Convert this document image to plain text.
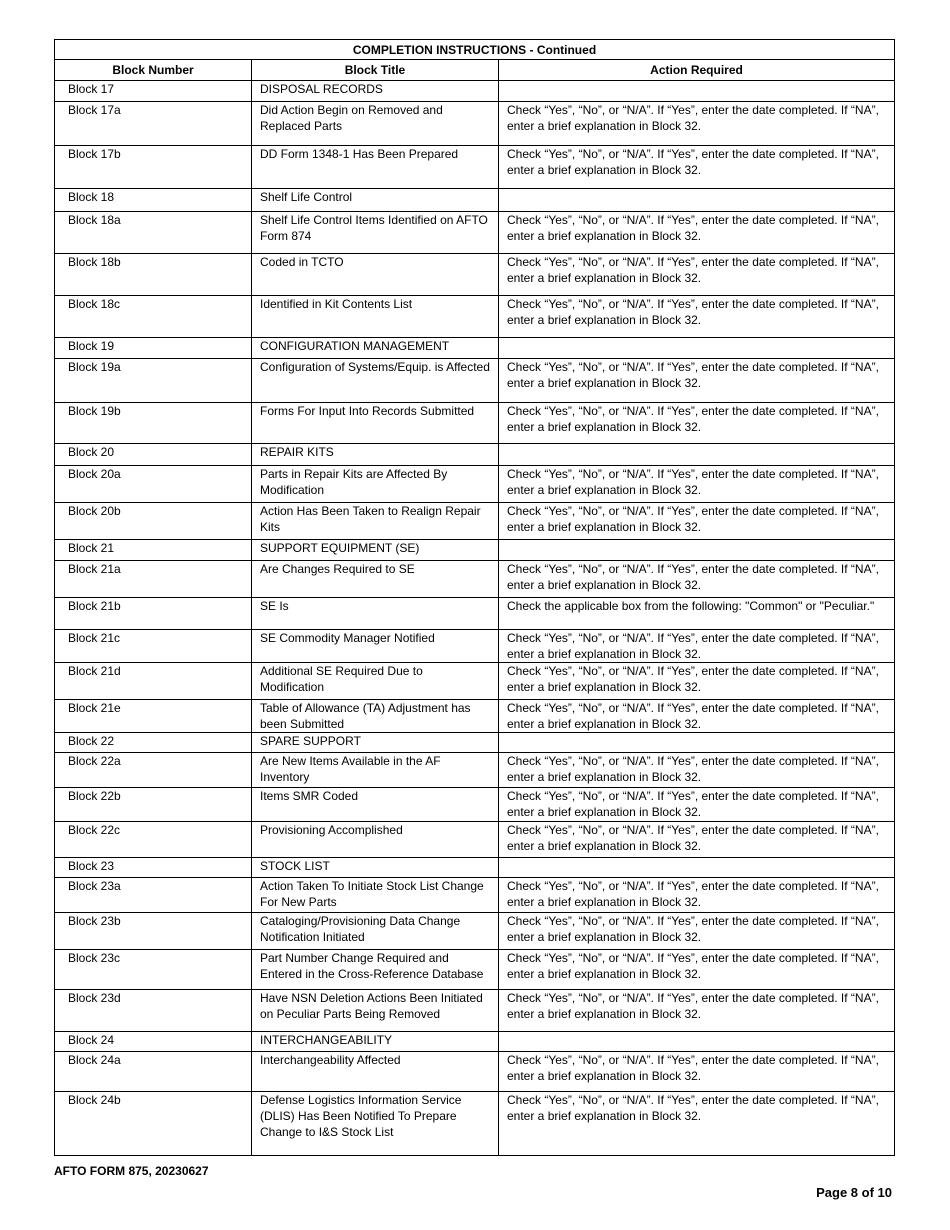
COMPLETION INSTRUCTIONS - Continued		
Block Number	Block Title	Action Required
Block 17	DISPOSAL RECORDS	
Block 17a	Did Action Begin on Removed and Replaced Parts	Check “Yes”, “No”, or “N/A”. If “Yes”, enter the date completed. If “NA”, enter a brief explanation in Block 32.
Block 17b	DD Form 1348-1 Has Been Prepared	Check “Yes”, “No”, or “N/A”. If “Yes”, enter the date completed. If “NA”, enter a brief explanation in Block 32.
Block 18	Shelf Life Control	
Block 18a	Shelf Life Control Items Identified on AFTO Form 874	Check “Yes”, “No”, or “N/A”. If “Yes”, enter the date completed. If “NA”, enter a brief explanation in Block 32.
Block 18b	Coded in TCTO	Check “Yes”, “No”, or “N/A”. If “Yes”, enter the date completed. If “NA”, enter a brief explanation in Block 32.
Block 18c	Identified in Kit Contents List	Check “Yes”, “No”, or “N/A”. If “Yes”, enter the date completed. If “NA”, enter a brief explanation in Block 32.
Block 19	CONFIGURATION MANAGEMENT	
Block 19a	Configuration of Systems/Equip. is Affected	Check “Yes”, “No”, or “N/A”. If “Yes”, enter the date completed. If “NA”, enter a brief explanation in Block 32.
Block 19b	Forms For Input Into Records Submitted	Check “Yes”, “No”, or “N/A”. If “Yes”, enter the date completed. If “NA”, enter a brief explanation in Block 32.
Block 20	REPAIR KITS	
Block 20a	Parts in Repair Kits are Affected By Modification	Check “Yes”, “No”, or “N/A”. If “Yes”, enter the date completed. If “NA”, enter a brief explanation in Block 32.
Block 20b	Action Has Been Taken to Realign Repair Kits	Check “Yes”, “No”, or “N/A”. If “Yes”, enter the date completed. If “NA”, enter a brief explanation in Block 32.
Block 21	SUPPORT EQUIPMENT (SE)	
Block 21a	Are Changes Required to SE	Check “Yes”, “No”, or “N/A”. If “Yes”, enter the date completed. If “NA”, enter a brief explanation in Block 32.
Block 21b	SE Is	Check the applicable box from the following: "Common" or "Peculiar."
Block 21c	SE Commodity Manager Notified	Check “Yes”, “No”, or “N/A”. If “Yes”, enter the date completed. If “NA”, enter a brief explanation in Block 32.
Block 21d	Additional SE Required Due to Modification	Check “Yes”, “No”, or “N/A”. If “Yes”, enter the date completed. If “NA”, enter a brief explanation in Block 32.
Block 21e	Table of Allowance (TA) Adjustment has been Submitted	Check “Yes”, “No”, or “N/A”. If “Yes”, enter the date completed. If “NA”, enter a brief explanation in Block 32.
Block 22	SPARE SUPPORT	
Block 22a	Are New Items Available in the AF Inventory	Check “Yes”, “No”, or “N/A”. If “Yes”, enter the date completed. If “NA”, enter a brief explanation in Block 32.
Block 22b	Items SMR Coded	Check “Yes”, “No”, or “N/A”. If “Yes”, enter the date completed. If “NA”, enter a brief explanation in Block 32.
Block 22c	Provisioning Accomplished	Check “Yes”, “No”, or “N/A”. If “Yes”, enter the date completed. If “NA”, enter a brief explanation in Block 32.
Block 23	STOCK LIST	
Block 23a	Action Taken To Initiate Stock List Change For New Parts	Check “Yes”, “No”, or “N/A”. If “Yes”, enter the date completed. If “NA”, enter a brief explanation in Block 32.
Block 23b	Cataloging/Provisioning Data Change Notification Initiated	Check “Yes”, “No”, or “N/A”. If “Yes”, enter the date completed. If “NA”, enter a brief explanation in Block 32.
Block 23c	Part Number Change Required and Entered in the Cross-Reference Database	Check “Yes”, “No”, or “N/A”. If “Yes”, enter the date completed. If “NA”, enter a brief explanation in Block 32.
Block 23d	Have NSN Deletion Actions Been Initiated on Peculiar Parts Being Removed	Check “Yes”, “No”, or “N/A”. If “Yes”, enter the date completed. If “NA”, enter a brief explanation in Block 32.
Block 24	INTERCHANGEABILITY	
Block 24a	Interchangeability Affected	Check “Yes”, “No”, or “N/A”. If “Yes”, enter the date completed. If “NA”, enter a brief explanation in Block 32.
Block 24b	Defense Logistics Information Service (DLIS) Has Been Notified To Prepare Change to I&S Stock List	Check “Yes”, “No”, or “N/A”. If “Yes”, enter the date completed. If “NA”, enter a brief explanation in Block 32.
AFTO FORM 875, 20230627
Page 8 of 10
